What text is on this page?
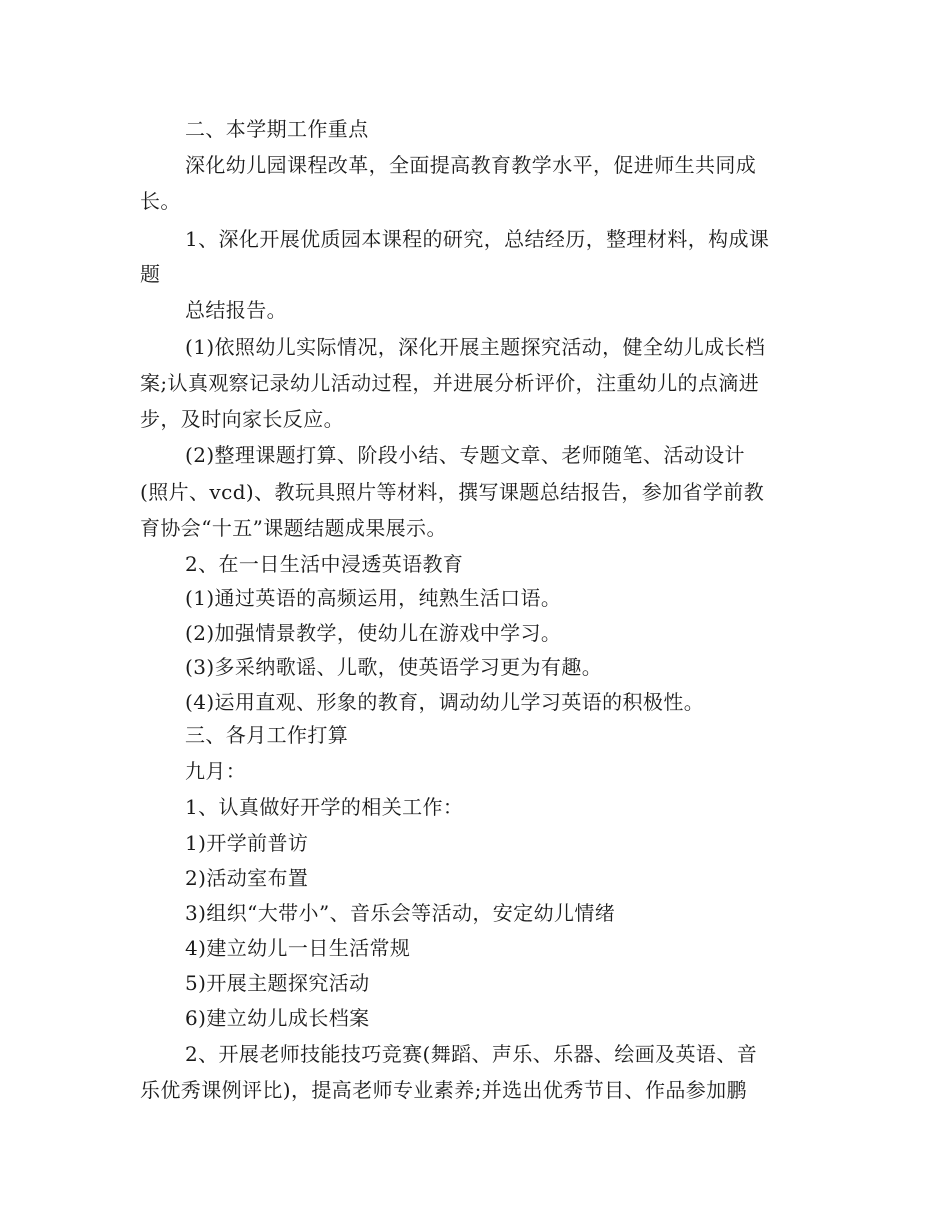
二、本学期工作重点
深化幼儿园课程改革，全面提高教育教学水平，促进师生共同成
长。
1、深化开展优质园本课程的研究，总结经历，整理材料，构成课
题
总结报告。
(1)依照幼儿实际情况，深化开展主题探究活动，健全幼儿成长档
案;认真观察记录幼儿活动过程，并进展分析评价，注重幼儿的点滴进
步，及时向家长反应。
(2)整理课题打算、阶段小结、专题文章、老师随笔、活动设计
(照片、vcd)、教玩具照片等材料，撰写课题总结报告，参加省学前教
育协会“十五”课题结题成果展示。
2、在一日生活中浸透英语教育
(1)通过英语的高频运用，纯熟生活口语。
(2)加强情景教学，使幼儿在游戏中学习。
(3)多采纳歌谣、儿歌，使英语学习更为有趣。
(4)运用直观、形象的教育，调动幼儿学习英语的积极性。
三、各月工作打算
九月：
1、认真做好开学的相关工作：
1)开学前普访
2)活动室布置
3)组织“大带小”、音乐会等活动，安定幼儿情绪
4)建立幼儿一日生活常规
5)开展主题探究活动
6)建立幼儿成长档案
2、开展老师技能技巧竞赛(舞蹈、声乐、乐器、绘画及英语、音
乐优秀课例评比)，提高老师专业素养;并选出优秀节目、作品参加鹏
